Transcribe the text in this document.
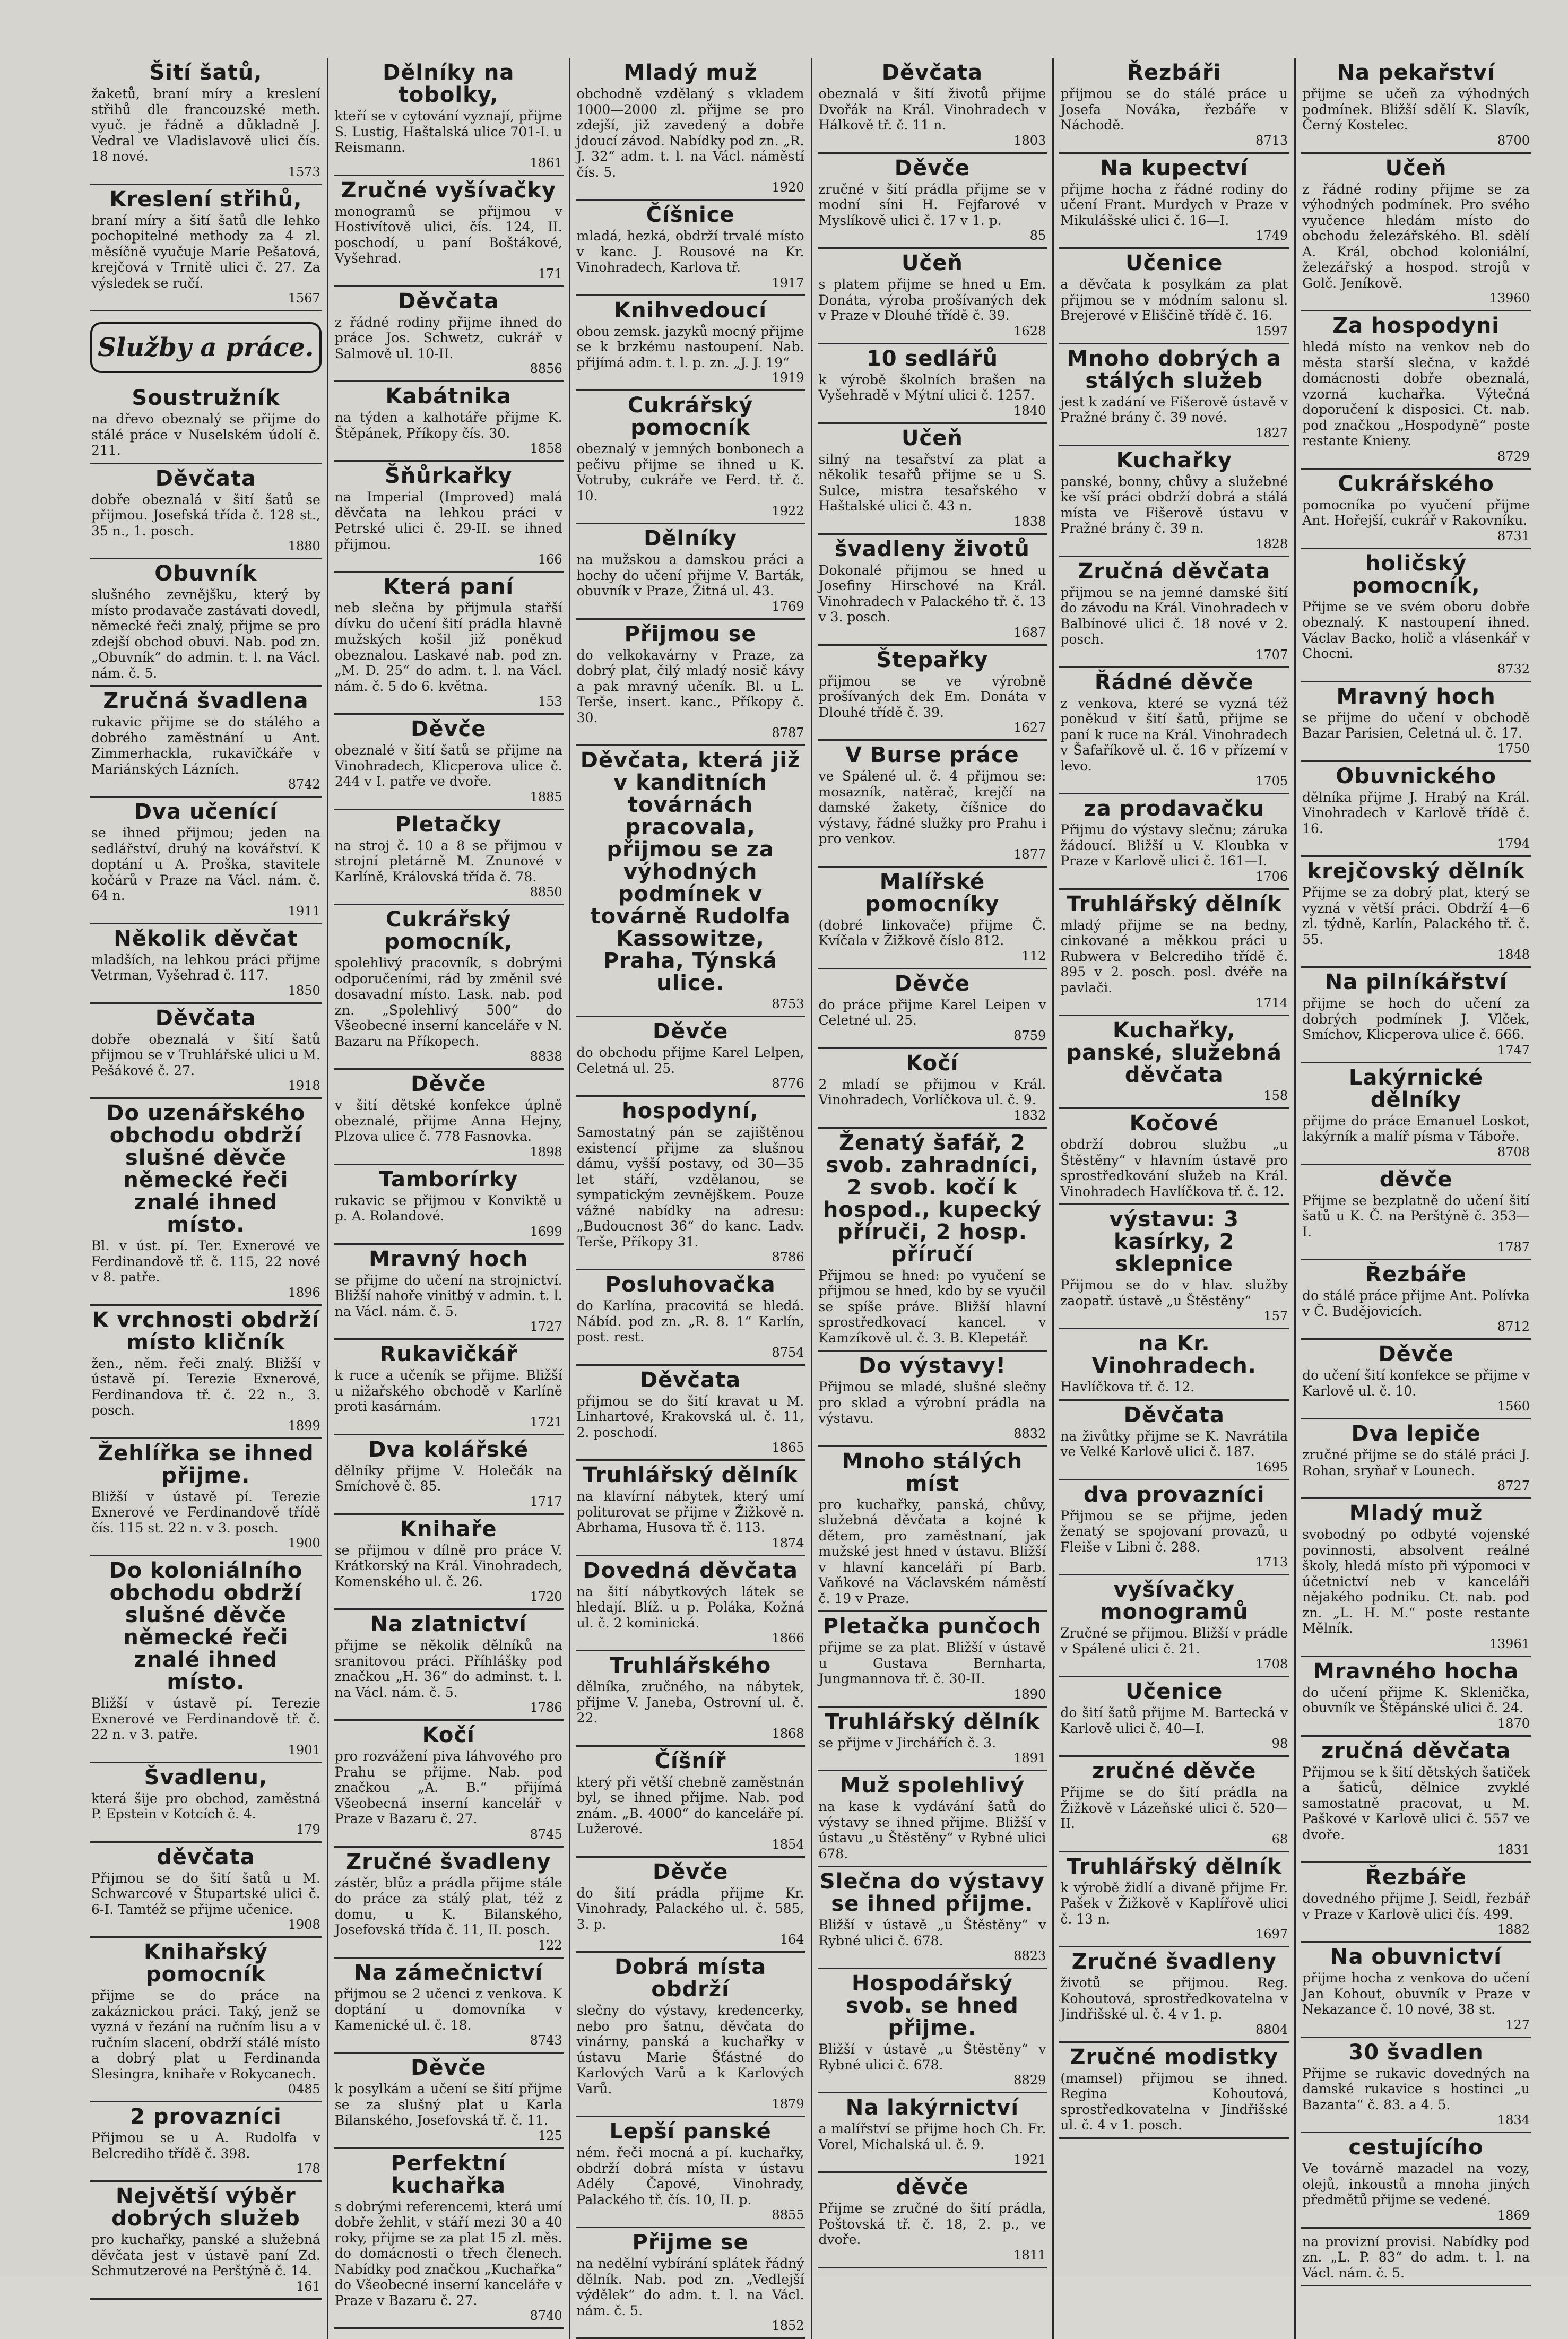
Šití šatů,
žaketů, braní míry a kreslení střihů dle francouzské meth. vyuč. je řádně a důkladně J. Vedral ve Vladislavově ulici čís. 18 nové.
1573
Kreslení střihů,
braní míry a šití šatů dle lehko pochopitelné methody za 4 zl. měsíčně vyučuje Marie Pešatová, krejčová v Trnitě ulici č. 27. Za výsledek se ručí.
1567
Služby a práce.
Soustružník
na dřevo obeznalý se přijme do stálé práce v Nuselském údolí č. 211.
Děvčata
dobře obeznalá v šití šatů se přijmou. Josefská třída č. 128 st., 35 n., 1. posch.
1880
Obuvník
slušného zevnějšku, který by místo prodavače zastávati dovedl, německé řeči znalý, přijme se pro zdejší obchod obuvi. Nab. pod zn. „Obuvník“ do admin. t. l. na Václ. nám. č. 5.
Zručná švadlena
rukavic přijme se do stálého a dobrého zaměstnání u Ant. Zimmerhackla, rukavičkáře v Mariánských Lázních.
8742
Dva učenící
se ihned přijmou; jeden na sedlářství, druhý na kovářství. K doptání u A. Proška, stavitele kočárů v Praze na Václ. nám. č. 64 n.
1911
Několik děvčat
mladších, na lehkou práci přijme Vetrman, Vyšehrad č. 117.
1850
Děvčata
dobře obeznalá v šití šatů přijmou se v Truhlářské ulici u M. Pešákové č. 27.
1918
Do uzenářského obchodu obdrží slušné děvče německé řeči znalé ihned místo.
Bl. v úst. pí. Ter. Exnerové ve Ferdinandově tř. č. 115, 22 nové v 8. patře.
1896
K vrchnosti obdrží místo kličník
žen., něm. řeči znalý. Bližší v ústavě pí. Terezie Exnerové, Ferdinandova tř. č. 22 n., 3. posch.
1899
Žehlířka se ihned přijme.
Bližší v ústavě pí. Terezie Exnerové ve Ferdinandově třídě čís. 115 st. 22 n. v 3. posch.
1900
Do koloniálního obchodu obdrží slušné děvče německé řeči znalé ihned místo.
Bližší v ústavě pí. Terezie Exnerové ve Ferdinandově tř. č. 22 n. v 3. patře.
1901
Švadlenu,
která šije pro obchod, zaměstná P. Epstein v Kotcích č. 4.
179
děvčata
Přijmou se do šití šatů u M. Schwarcové v Štupartské ulici č. 6-I. Tamtéž se přijme učenice.
1908
Knihařský pomocník
přijme se do práce na zakáznickou práci. Taký, jenž se vyzná v řezání na ručním lisu a v ručním slacení, obdrží stálé místo a dobrý plat u Ferdinanda Slesingra, knihaře v Rokycanech.
0485
2 provazníci
Přijmou se u A. Rudolfa v Belcrediho třídě č. 398.
178
Největší výběr dobrých služeb
pro kuchařky, panské a služebná děvčata jest v ústavě paní Zd. Schmutzerové na Perštýně č. 14.
161
Dělníky na tobolky,
kteří se v cytování vyznají, přijme S. Lustig, Haštalská ulice 701-I. u Reismann.
1861
Zručné vyšívačky
monogramů se přijmou v Hostivítově ulici, čís. 124, II. poschodí, u paní Boštákové, Vyšehrad.
171
Děvčata
z řádné rodiny přijme ihned do práce Jos. Schwetz, cukrář v Salmově ul. 10-II.
8856
Kabátnika
na týden a kalhotáře přijme K. Štěpánek, Příkopy čís. 30.
1858
Šňůrkařky
na Imperial (Improved) malá děvčata na lehkou práci v Petrské ulici č. 29-II. se ihned přijmou.
166
Která paní
neb slečna by přijmula stařší dívku do učení šití prádla hlavně mužských košil již poněkud obeznalou. Laskavé nab. pod zn. „M. D. 25“ do adm. t. l. na Václ. nám. č. 5 do 6. května.
153
Děvče
obeznalé v šití šatů se přijme na Vinohradech, Klicperova ulice č. 244 v I. patře ve dvoře.
1885
Pletačky
na stroj č. 10 a 8 se přijmou v strojní pletárně M. Znunové v Karlíně, Královská třída č. 78.
8850
Cukrářský pomocník,
spolehlivý pracovník, s dobrými odporučeními, rád by změnil své dosavadní místo. Lask. nab. pod zn. „Spolehlivý 500“ do Všeobecné inserní kanceláře v N. Bazaru na Příkopech.
8838
Děvče
v šití dětské konfekce úplně obeznalé, přijme Anna Hejny, Plzova ulice č. 778 Fasnovka.
1898
Tamborírky
rukavic se přijmou v Konviktě u p. A. Rolandové.
1699
Mravný hoch
se přijme do učení na strojnictví. Bližší nahoře vinitbý v admin. t. l. na Václ. nám. č. 5.
1727
Rukavičkář
k ruce a učeník se přijme. Bližší u nižařského obchodě v Karlíně proti kasárnám.
1721
Dva kolářské
dělníky přijme V. Holečák na Smíchově č. 85.
1717
Knihaře
se přijmou v dílně pro práce V. Krátkorský na Král. Vinohradech, Komenského ul. č. 26.
1720
Na zlatnictví
přijme se několik dělníků na sranitovou práci. Příhlášky pod značkou „H. 36“ do adminst. t. l. na Václ. nám. č. 5.
1786
Kočí
pro rozvážení piva láhvového pro Prahu se přijme. Nab. pod značkou „A. B.“ přijímá Všeobecná inserní kancelář v Praze v Bazaru č. 27.
8745
Zručné švadleny
zástěr, blůz a prádla přijme stále do práce za stálý plat, též z domu, u K. Bilanského, Josefovská třída č. 11, II. posch.
122
Na zámečnictví
přijmou se 2 učenci z venkova. K doptání u domovníka v Kamenické ul. č. 18.
8743
Děvče
k posylkám a učení se šití přijme se za slušný plat u Karla Bilanského, Josefovská tř. č. 11.
125
Perfektní kuchařka
s dobrými referencemi, která umí dobře žehlit, v stáří mezi 30 a 40 roky, přijme se za plat 15 zl. měs. do domácnosti o třech členech. Nabídky pod značkou „Kuchařka“ do Všeobecné inserní kanceláře v Praze v Bazaru č. 27.
8740
Mladý muž
obchodně vzdělaný s vkladem 1000—2000 zl. přijme se pro zdejší, již zavedený a dobře jdoucí závod. Nabídky pod zn. „R. J. 32“ adm. t. l. na Václ. náměstí čís. 5.
1920
Číšnice
mladá, hezká, obdrží trvalé místo v kanc. J. Rousové na Kr. Vinohradech, Karlova tř.
1917
Knihvedoucí
obou zemsk. jazyků mocný přijme se k brzkému nastoupení. Nab. přijímá adm. t. l. p. zn. „J. J. 19“
1919
Cukrářský pomocník
obeznalý v jemných bonbonech a pečivu přijme se ihned u K. Votruby, cukráře ve Ferd. tř. č. 10.
1922
Dělníky
na mužskou a damskou práci a hochy do učení přijme V. Barták, obuvník v Praze, Žitná ul. 43.
1769
Přijmou se
do velkokavárny v Praze, za dobrý plat, čilý mladý nosič kávy a pak mravný učeník. Bl. u L. Terše, insert. kanc., Příkopy č. 30.
8787
Děvčata, která již v kanditních továrnách pracovala, přijmou se za výhodných podmínek v továrně Rudolfa Kassowitze, Praha, Týnská ulice.
8753
Děvče
do obchodu přijme Karel Lelpen, Celetná ul. 25.
8776
hospodyní,
Samostatný pán se zajištěnou existencí přijme za slušnou dámu, vyšší postavy, od 30—35 let stáří, vzdělanou, se sympatickým zevnějškem. Pouze vážné nabídky na adresu: „Budoucnost 36“ do kanc. Ladv. Terše, Příkopy 31.
8786
Posluhovačka
do Karlína, pracovitá se hledá. Nábíd. pod zn. „R. 8. 1“ Karlín, post. rest.
8754
Děvčata
přijmou se do šití kravat u M. Linhartové, Krakovská ul. č. 11, 2. poschodí.
1865
Truhlářský dělník
na klavírní nábytek, který umí politurovat se přijme v Žižkově n. Abrhama, Husova tř. č. 113.
1874
Dovedná děvčata
na šití nábytkových látek se hledají. Blíž. u p. Poláka, Kožná ul. č. 2 kominická.
1866
Truhlářského
dělníka, zručného, na nábytek, přijme V. Janeba, Ostrovní ul. č. 22.
1868
Číšníř
který při větší chebně zaměstnán byl, se ihned přijme. Nab. pod znám. „B. 4000“ do kanceláře pí. Lužerové.
1854
Děvče
do šití prádla přijme Kr. Vinohrady, Palackého ul. č. 585, 3. p.
164
Dobrá místa obdrží
slečny do výstavy, kredencerky, nebo pro šatnu, děvčata do vinárny, panská a kuchařky v ústavu Marie Šťástné do Karlových Varů a k Karlových Varů.
1879
Lepší panské
ném. řeči mocná a pí. kuchařky, obdrží dobrá místa v ústavu Adély Čapové, Vinohrady, Palackého tř. čís. 10, II. p.
8855
Přijme se
na nedělní vybírání splátek řádný dělník. Nab. pod zn. „Vedlejší výdělek“ do adm. t. l. na Václ. nám. č. 5.
1852
Děvčata
obeznalá v šití životů přijme Dvořák na Král. Vinohradech v Hálkově tř. č. 11 n.
1803
Děvče
zručné v šití prádla přijme se v modní síni H. Fejfarové v Myslíkově ulici č. 17 v 1. p.
85
Učeň
s platem přijme se hned u Em. Donáta, výroba prošívaných dek v Praze v Dlouhé třídě č. 39.
1628
10 sedlářů
k výrobě školních brašen na Vyšehradě v Mýtní ulici č. 1257.
1840
Učeň
silný na tesařství za plat a několik tesařů přijme se u S. Sulce, mistra tesařského v Haštalské ulici č. 43 n.
1838
švadleny životů
Dokonalé přijmou se hned u Josefiny Hirschové na Král. Vinohradech v Palackého tř. č. 13 v 3. posch.
1687
Štepařky
přijmou se ve výrobně prošívaných dek Em. Donáta v Dlouhé třídě č. 39.
1627
V Burse práce
ve Spálené ul. č. 4 přijmou se: mosazník, natěrač, krejčí na damské žakety, číšnice do výstavy, řádné služky pro Prahu i pro venkov.
1877
Malířské pomocníky
(dobré linkovače) přijme Č. Kvíčala v Žižkově číslo 812.
112
Děvče
do práce přijme Karel Leipen v Celetné ul. 25.
8759
Kočí
2 mladí se přijmou v Král. Vinohradech, Vorlíčkova ul. č. 9.
1832
Ženatý šafář, 2 svob. zahradníci, 2 svob. kočí k hospod., kupecký příruči, 2 hosp. příručí
Přijmou se hned: po vyučení se přijmou se hned, kdo by se vyučil se spíše práve. Bližší hlavní sprostředkovací kancel. v Kamzíkově ul. č. 3. B. Klepetář.
Do výstavy!
Přijmou se mladé, slušné slečny pro sklad a výrobní prádla na výstavu.
8832
Mnoho stálých míst
pro kuchařky, panská, chůvy, služebná děvčata a kojné k dětem, pro zaměstnaní, jak mužské jest hned v ústavu. Bližší v hlavní kanceláři pí Barb. Vaňkové na Václavském náměstí č. 19 v Praze.
Pletačka punčoch
přijme se za plat. Bližší v ústavě u Gustava Bernharta, Jungmannova tř. č. 30-II.
1890
Truhlářský dělník
se přijme v Jirchářích č. 3.
1891
Muž spolehlivý
na kase k vydávání šatů do výstavy se ihned přijme. Bližší v ústavu „u Štěstěny“ v Rybné ulici 678.
Slečna do výstavy se ihned přijme.
Bližší v ústavě „u Štěstěny“ v Rybné ulici č. 678.
8823
Hospodářský svob. se hned přijme.
Bližší v ústavě „u Štěstěny“ v Rybné ulici č. 678.
8829
Na lakýrnictví
a malířství se přijme hoch Ch. Fr. Vorel, Michalská ul. č. 9.
1921
děvče
Přijme se zručné do šití prádla, Poštovská tř. č. 18, 2. p., ve dvoře.
1811
Řezbáři
přijmou se do stálé práce u Josefa Nováka, řezbáře v Náchodě.
8713
Na kupectví
přijme hocha z řádné rodiny do učení Frant. Murdych v Praze v Mikulášské ulici č. 16—I.
1749
Učenice
a děvčata k posylkám za plat přijmou se v módním salonu sl. Brejerové v Eliščině třídě č. 16.
1597
Mnoho dobrých a stálých služeb
jest k zadání ve Fišerově ústavě v Pražné brány č. 39 nové.
1827
Kuchařky
panské, bonny, chůvy a služebné ke vší práci obdrží dobrá a stálá místa ve Fišerově ústavu v Pražné brány č. 39 n.
1828
Zručná děvčata
přijmou se na jemné damské šití do závodu na Král. Vinohradech v Balbínové ulici č. 18 nové v 2. posch.
1707
Řádné děvče
z venkova, které se vyzná též poněkud v šití šatů, přijme se paní k ruce na Král. Vinohradech v Šafaříkově ul. č. 16 v přízemí v levo.
1705
za prodavačku
Přijmu do výstavy slečnu; záruka žádoucí. Bližší u V. Kloubka v Praze v Karlově ulici č. 161—I.
1706
Truhlářský dělník
mladý přijme se na bedny, cinkované a měkkou práci u Rubwera v Belcrediho třídě č. 895 v 2. posch. posl. dvéře na pavlači.
1714
Kuchařky, panské, služebná děvčata
158
Kočové
obdrží dobrou službu „u Štěstěny“ v hlavním ústavě pro sprostředkování služeb na Král. Vinohradech Havlíčkova tř. č. 12.
výstavu: 3 kasírky, 2 sklepnice
Přijmou se do v hlav. služby zaopatř. ústavě „u Štěstěny“
157
na Kr. Vinohradech.
Havlíčkova tř. č. 12.
Děvčata
na živůtky přijme se K. Navrátila ve Velké Karlově ulici č. 187.
1695
dva provazníci
Přijmou se se přijme, jeden ženatý se spojovaní provazů, u Fleiše v Libni č. 288.
1713
vyšívačky monogramů
Zručné se přijmou. Bližší v prádle v Spálené ulici č. 21.
1708
Učenice
do šití šatů přijme M. Bartecká v Karlově ulici č. 40—I.
98
zručné děvče
Přijme se do šití prádla na Žižkově v Lázeňské ulici č. 520—II.
68
Truhlářský dělník
k výrobě židlí a divaně přijme Fr. Pašek v Žižkově v Kaplířově ulici č. 13 n.
1697
Zručné švadleny
životů se přijmou. Reg. Kohoutová, sprostředkovatelna v Jindřišské ul. č. 4 v 1. p.
8804
Zručné modistky
(mamsel) přijmou se ihned. Regina Kohoutová, sprostředkovatelna v Jindřišské ul. č. 4 v 1. posch.
Na pekařství
přijme se učeň za výhodných podmínek. Bližší sdělí K. Slavík, Černý Kostelec.
8700
Učeň
z řádné rodiny přijme se za výhodných podmínek. Pro svého vyučence hledám místo do obchodu železářského. Bl. sdělí A. Král, obchod koloniální, železářský a hospod. strojů v Golč. Jeníkově.
13960
Za hospodyni
hledá místo na venkov neb do města starší slečna, v každé domácnosti dobře obeznalá, vzorná kuchařka. Výtečná doporučení k disposici. Ct. nab. pod značkou „Hospodyně“ poste restante Knieny.
8729
Cukrářského
pomocníka po vyučení přijme Ant. Hořejší, cukrář v Rakovníku.
8731
holičský pomocník,
Přijme se ve svém oboru dobře obeznalý. K nastoupení ihned. Václav Backo, holič a vlásenkář v Chocni.
8732
Mravný hoch
se přijme do učení v obchodě Bazar Parisien, Celetná ul. č. 17.
1750
Obuvnického
dělníka přijme J. Hrabý na Král. Vinohradech v Karlově třídě č. 16.
1794
krejčovský dělník
Přijme se za dobrý plat, který se vyzná v větší práci. Obdrží 4—6 zl. týdně, Karlín, Palackého tř. č. 55.
1848
Na pilníkářství
přijme se hoch do učení za dobrých podmínek J. Vlček, Smíchov, Klicperova ulice č. 666.
1747
Lakýrnické dělníky
přijme do práce Emanuel Loskot, lakýrník a malíř písma v Táboře.
8708
děvče
Přijme se bezplatně do učení šití šatů u K. Č. na Perštýně č. 353—I.
1787
Řezbáře
do stálé práce přijme Ant. Polívka v Č. Budějovicích.
8712
Děvče
do učení šití konfekce se přijme v Karlově ul. č. 10.
1560
Dva lepiče
zručné přijme se do stálé práci J. Rohan, sryňař v Lounech.
8727
Mladý muž
svobodný po odbyté vojenské povinnosti, absolvent reálné školy, hledá místo při výpomoci v účetnictví neb v kanceláři nějakého podniku. Ct. nab. pod zn. „L. H. M.“ poste restante Mělník.
13961
Mravného hocha
do učení přijme K. Sklenička, obuvník ve Štěpánské ulici č. 24.
1870
zručná děvčata
Přijmou se k šití dětských šatiček a šaticů, dělnice zvyklé samostatně pracovat, u M. Paškové v Karlově ulici č. 557 ve dvoře.
1831
Řezbáře
dovedného přijme J. Seidl, řezbář v Praze v Karlově ulici čís. 499.
1882
Na obuvnictví
přijme hocha z venkova do učení Jan Kohout, obuvník v Praze v Nekazance č. 10 nové, 38 st.
127
30 švadlen
Přijme se rukavic dovedných na damské rukavice s hostinci „u Bazanta“ č. 83. a 4. 5.
1834
cestujícího
Ve továrně mazadel na vozy, olejů, inkoustů a mnoha jiných předmětů přijme se vedené.
1869
na provizní provisi. Nabídky pod zn. „L. P. 83“ do adm. t. l. na Václ. nám. č. 5.
